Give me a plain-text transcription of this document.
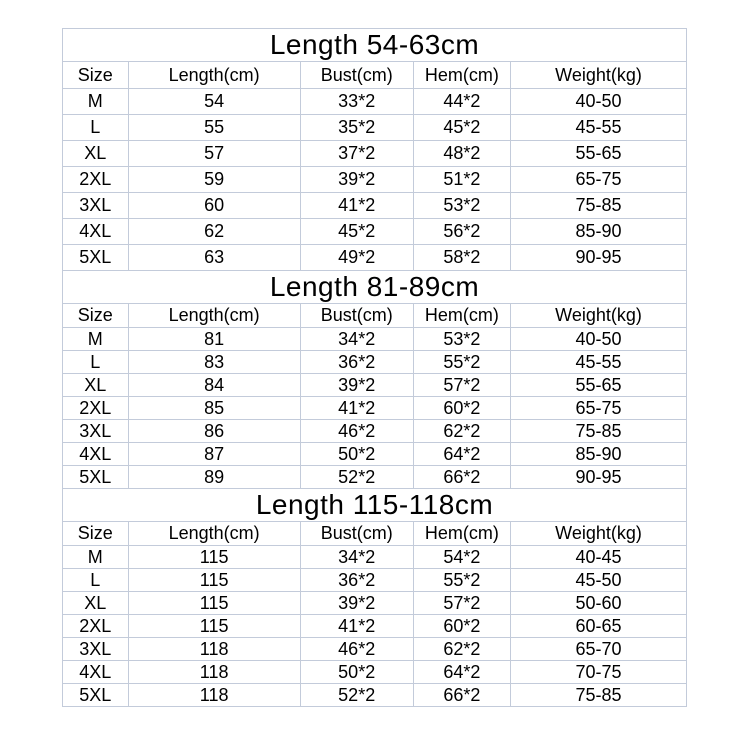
Length 54-63cm				
Size	Length(cm)	Bust(cm)	Hem(cm)	Weight(kg)
M	54	33*2	44*2	40-50
L	55	35*2	45*2	45-55
XL	57	37*2	48*2	55-65
2XL	59	39*2	51*2	65-75
3XL	60	41*2	53*2	75-85
4XL	62	45*2	56*2	85-90
5XL	63	49*2	58*2	90-95
Length 81-89cm				
Size	Length(cm)	Bust(cm)	Hem(cm)	Weight(kg)
M	81	34*2	53*2	40-50
L	83	36*2	55*2	45-55
XL	84	39*2	57*2	55-65
2XL	85	41*2	60*2	65-75
3XL	86	46*2	62*2	75-85
4XL	87	50*2	64*2	85-90
5XL	89	52*2	66*2	90-95
Length 115-118cm				
Size	Length(cm)	Bust(cm)	Hem(cm)	Weight(kg)
M	115	34*2	54*2	40-45
L	115	36*2	55*2	45-50
XL	115	39*2	57*2	50-60
2XL	115	41*2	60*2	60-65
3XL	118	46*2	62*2	65-70
4XL	118	50*2	64*2	70-75
5XL	118	52*2	66*2	75-85
